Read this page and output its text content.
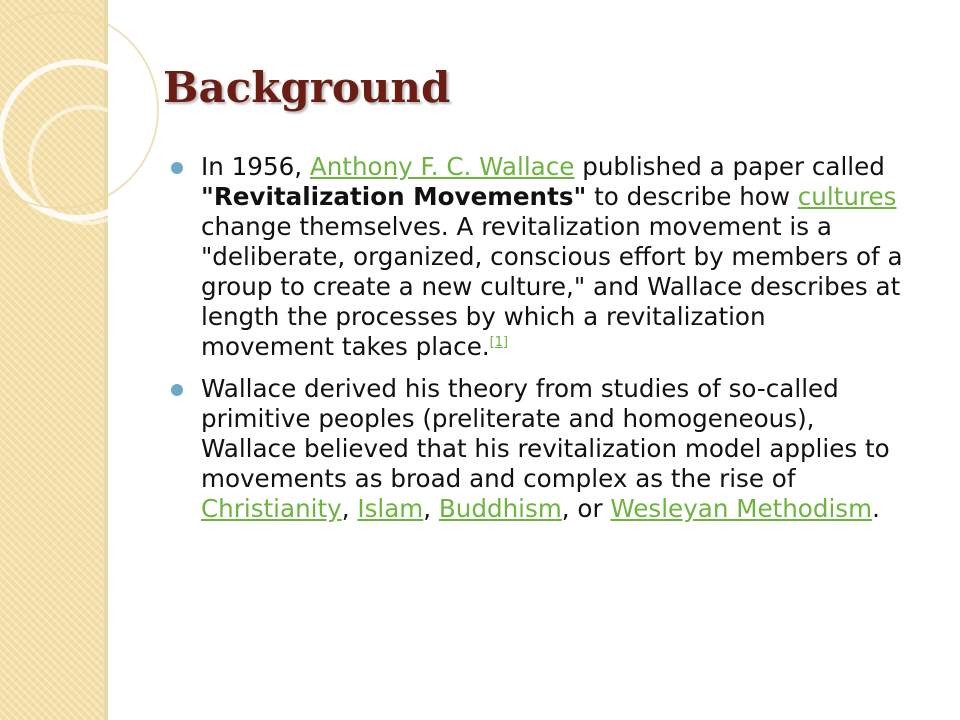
Background
In 1956, Anthony F. C. Wallace published a paper called "Revitalization Movements" to describe how cultures change themselves. A revitalization movement is a "deliberate, organized, conscious effort by members of a group to create a new culture," and Wallace describes at length the processes by which a revitalization movement takes place.[1]
Wallace derived his theory from studies of so-called primitive peoples (preliterate and homogeneous), Wallace believed that his revitalization model applies to movements as broad and complex as the rise of Christianity, Islam, Buddhism, or Wesleyan Methodism.
